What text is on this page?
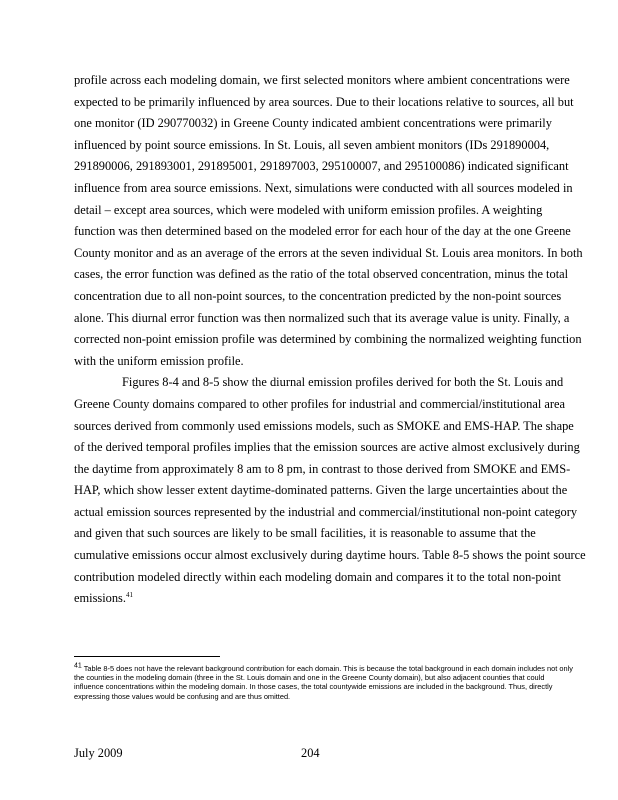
profile across each modeling domain, we first selected monitors where ambient concentrations were expected to be primarily influenced by area sources. Due to their locations relative to sources, all but one monitor (ID 290770032) in Greene County indicated ambient concentrations were primarily influenced by point source emissions. In St. Louis, all seven ambient monitors (IDs 291890004, 291890006, 291893001, 291895001, 291897003, 295100007, and 295100086) indicated significant influence from area source emissions. Next, simulations were conducted with all sources modeled in detail – except area sources, which were modeled with uniform emission profiles. A weighting function was then determined based on the modeled error for each hour of the day at the one Greene County monitor and as an average of the errors at the seven individual St. Louis area monitors. In both cases, the error function was defined as the ratio of the total observed concentration, minus the total concentration due to all non-point sources, to the concentration predicted by the non-point sources alone. This diurnal error function was then normalized such that its average value is unity. Finally, a corrected non-point emission profile was determined by combining the normalized weighting function with the uniform emission profile.

Figures 8-4 and 8-5 show the diurnal emission profiles derived for both the St. Louis and Greene County domains compared to other profiles for industrial and commercial/institutional area sources derived from commonly used emissions models, such as SMOKE and EMS-HAP. The shape of the derived temporal profiles implies that the emission sources are active almost exclusively during the daytime from approximately 8 am to 8 pm, in contrast to those derived from SMOKE and EMS-HAP, which show lesser extent daytime-dominated patterns. Given the large uncertainties about the actual emission sources represented by the industrial and commercial/institutional non-point category and given that such sources are likely to be small facilities, it is reasonable to assume that the cumulative emissions occur almost exclusively during daytime hours. Table 8-5 shows the point source contribution modeled directly within each modeling domain and compares it to the total non-point emissions.$^{41}$

$^{41}$ Table 8-5 does not have the relevant background contribution for each domain. This is because the total background in each domain includes not only the counties in the modeling domain (three in the St. Louis domain and one in the Greene County domain), but also adjacent counties that could influence concentrations within the modeling domain. In those cases, the total countywide emissions are included in the background. Thus, directly expressing those values would be confusing and are thus omitted.

July 2009	204
